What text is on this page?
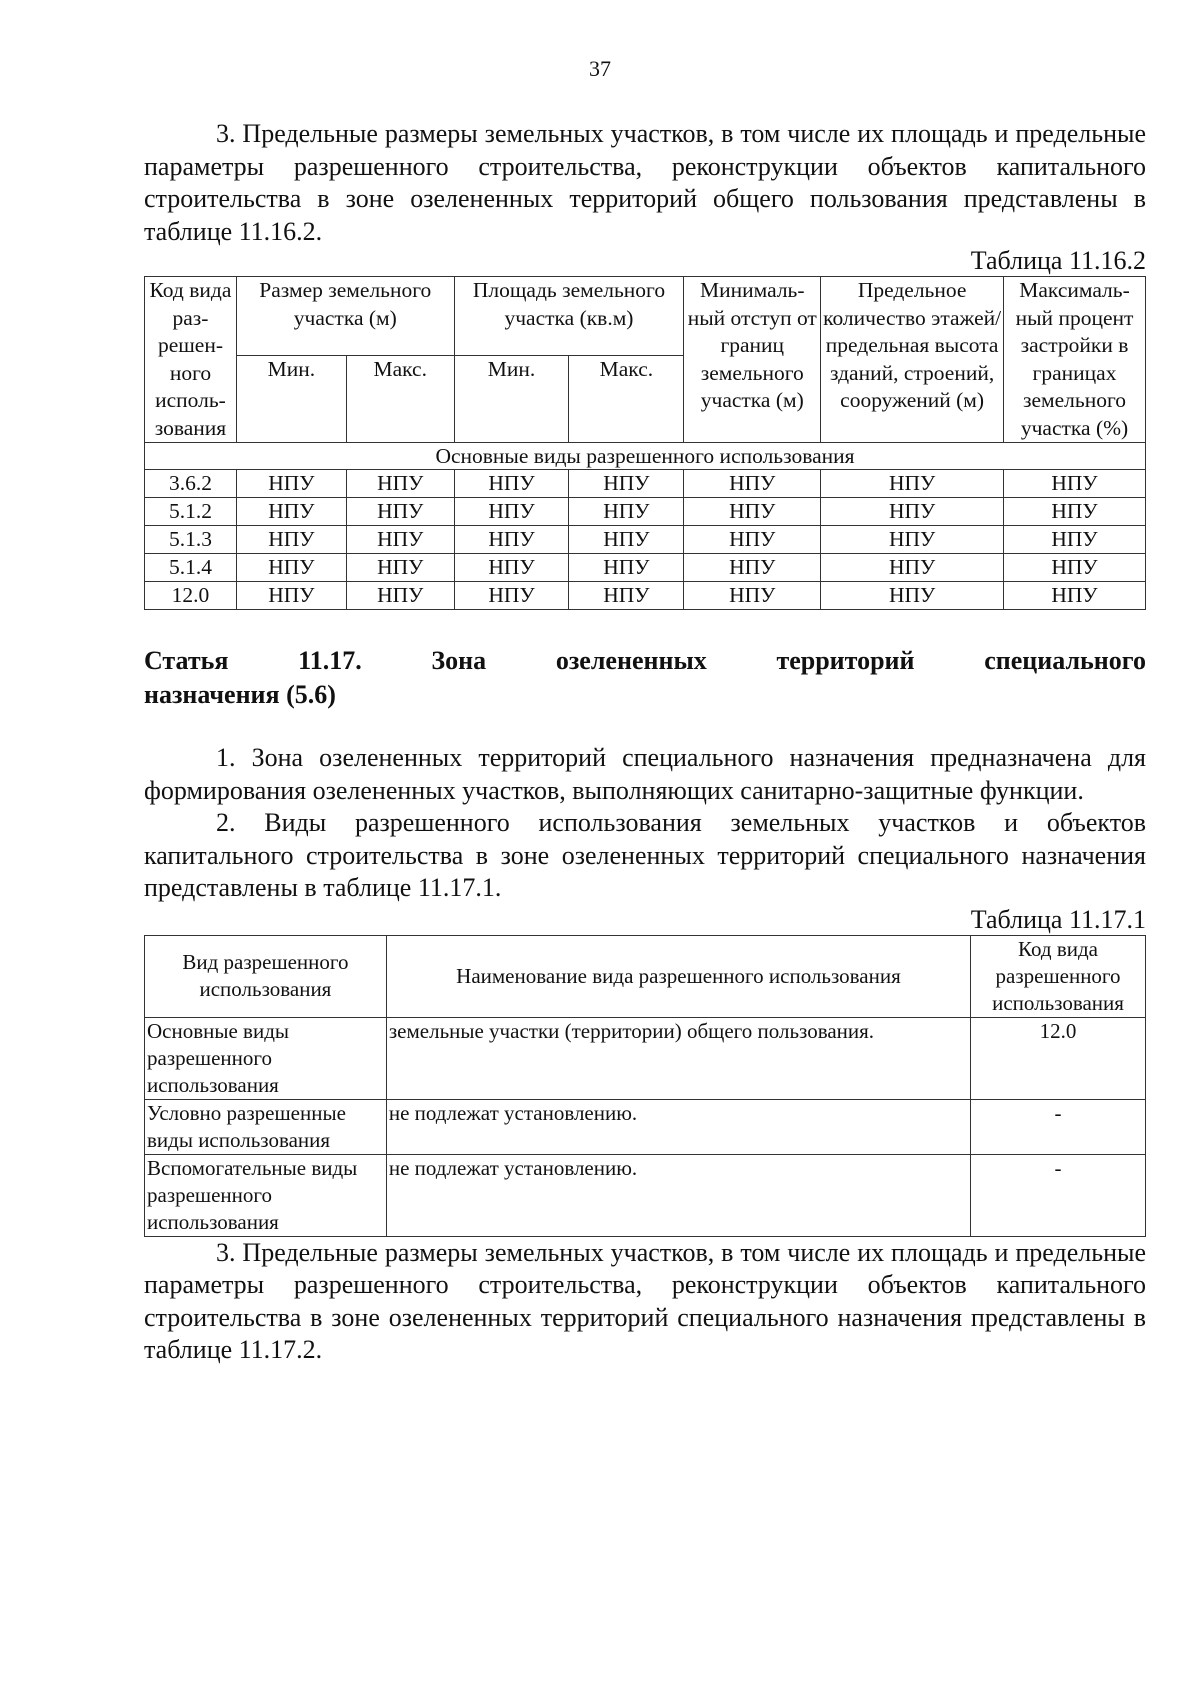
37

3. Предельные размеры земельных участков, в том числе их площадь и предельные параметры разрешенного строительства, реконструкции объектов капитального строительства в зоне озелененных территорий общего пользования представлены в таблице 11.16.2.

Таблица 11.16.2
Код вида раз-решен-ного исполь-зования	Размер земельного участка (м)		Площадь земельного участка (кв.м)		Минималь-ный отступ от границ земельного участка (м)	Предельное количество этажей/ предельная высота зданий, строений, сооружений (м)	Максималь-ный процент застройки в границах земельного участка (%)
	Мин.	Макс.	Мин.	Макс.			
Основные виды разрешенного использования							
3.6.2	НПУ	НПУ	НПУ	НПУ	НПУ	НПУ	НПУ
5.1.2	НПУ	НПУ	НПУ	НПУ	НПУ	НПУ	НПУ
5.1.3	НПУ	НПУ	НПУ	НПУ	НПУ	НПУ	НПУ
5.1.4	НПУ	НПУ	НПУ	НПУ	НПУ	НПУ	НПУ
12.0	НПУ	НПУ	НПУ	НПУ	НПУ	НПУ	НПУ
Статья	11.17.	Зона	озелененных	территорий	специального
назначения (5.6)

1. Зона озелененных территорий специального назначения предназначена для формирования озелененных участков, выполняющих санитарно-защитные функции.

2. Виды разрешенного использования земельных участков и объектов капитального строительства в зоне озелененных территорий специального назначения представлены в таблице 11.17.1.

Таблица 11.17.1
Вид разрешенного использования	Наименование вида разрешенного использования	Код вида разрешенного использования
Основные виды разрешенного использования	земельные участки (территории) общего пользования.	12.0
Условно разрешенные виды использования	не подлежат установлению.	-
Вспомогательные виды разрешенного использования	не подлежат установлению.	-

3. Предельные размеры земельных участков, в том числе их площадь и предельные параметры разрешенного строительства, реконструкции объектов капитального строительства в зоне озелененных территорий специального назначения представлены в таблице 11.17.2.
